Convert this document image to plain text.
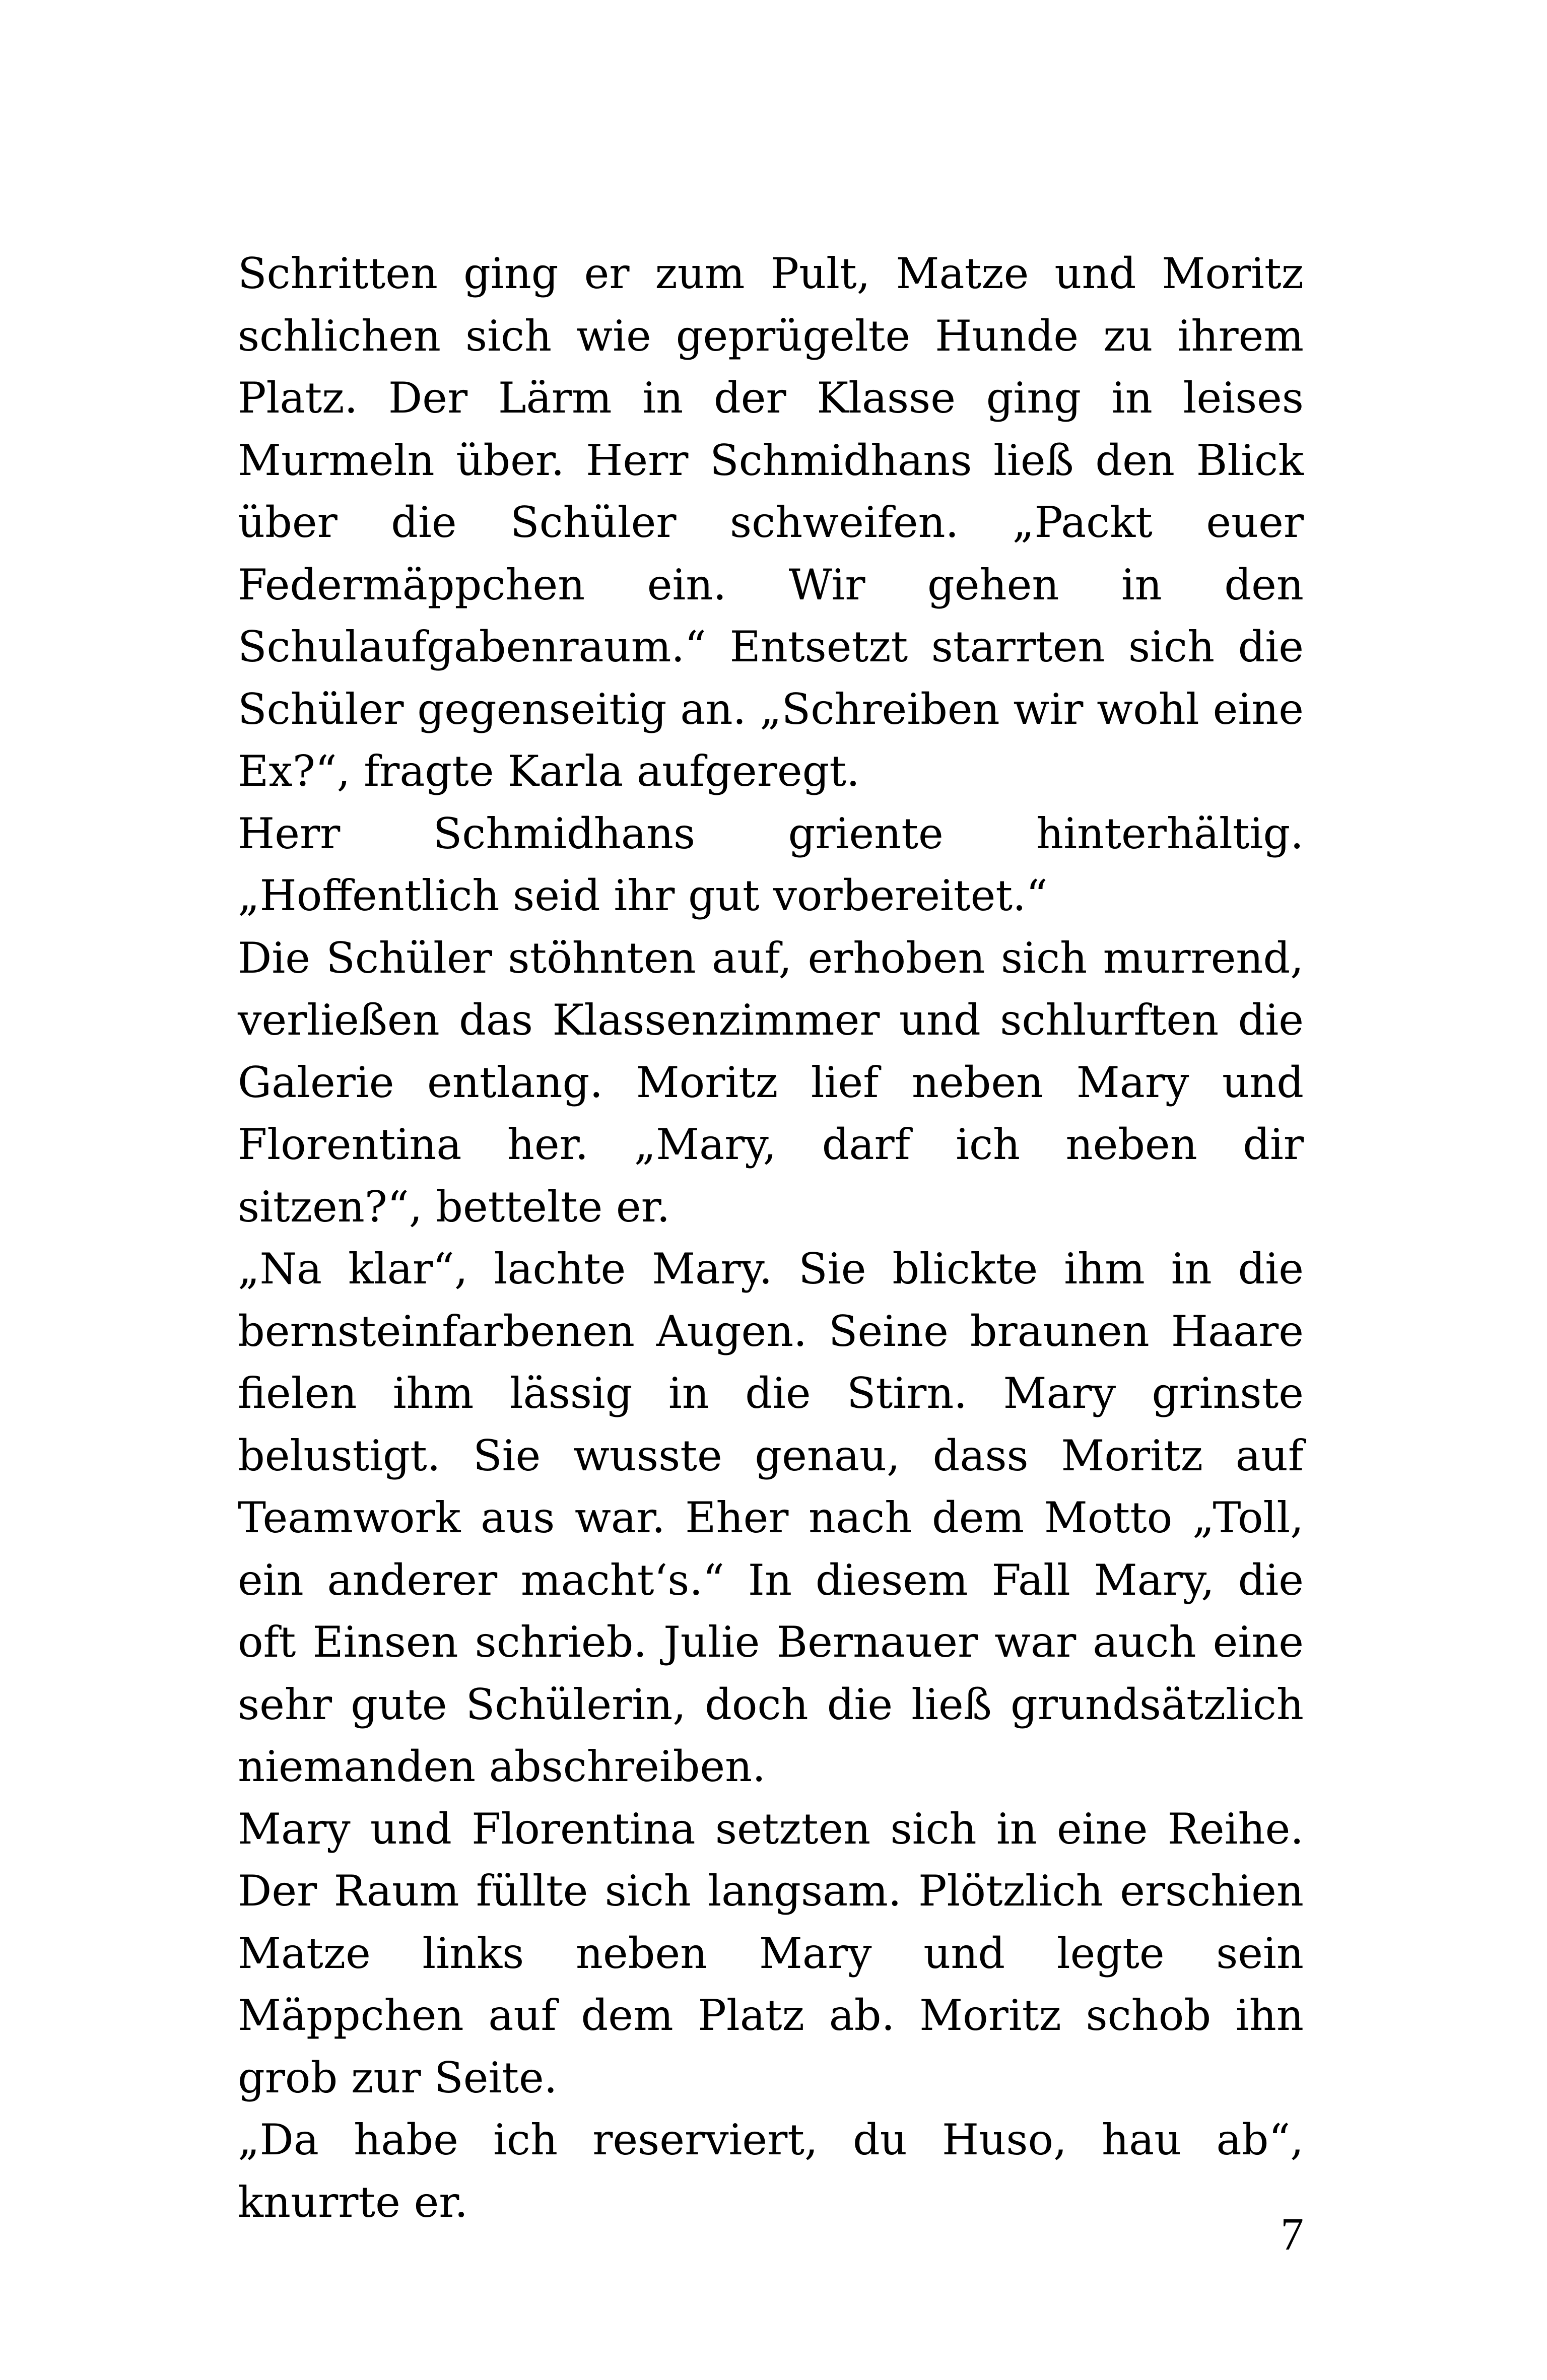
Schritten ging er zum Pult, Matze und Moritz schlichen sich wie geprügelte Hunde zu ihrem Platz. Der Lärm in der Klasse ging in leises Murmeln über. Herr Schmidhans ließ den Blick über die Schüler schweifen. „Packt euer Federmäppchen ein. Wir gehen in den Schulaufgabenraum.“ Entsetzt starrten sich die Schüler gegenseitig an. „Schreiben wir wohl eine Ex?“, fragte Karla aufgeregt.

Herr Schmidhans griente hinterhältig. „Hoffentlich seid ihr gut vorbereitet.“

Die Schüler stöhnten auf, erhoben sich murrend, verließen das Klassenzimmer und schlurften die Galerie entlang. Moritz lief neben Mary und Florentina her. „Mary, darf ich neben dir sitzen?“, bettelte er.

„Na klar“, lachte Mary. Sie blickte ihm in die bernsteinfarbenen Augen. Seine braunen Haare fielen ihm lässig in die Stirn. Mary grinste belustigt. Sie wusste genau, dass Moritz auf Teamwork aus war. Eher nach dem Motto „Toll, ein anderer macht‘s.“ In diesem Fall Mary, die oft Einsen schrieb. Julie Bernauer war auch eine sehr gute Schülerin, doch die ließ grundsätzlich niemanden abschreiben.

Mary und Florentina setzten sich in eine Reihe. Der Raum füllte sich langsam. Plötzlich erschien Matze links neben Mary und legte sein Mäppchen auf dem Platz ab. Moritz schob ihn grob zur Seite.

„Da habe ich reserviert, du Huso, hau ab“, knurrte er.

7
